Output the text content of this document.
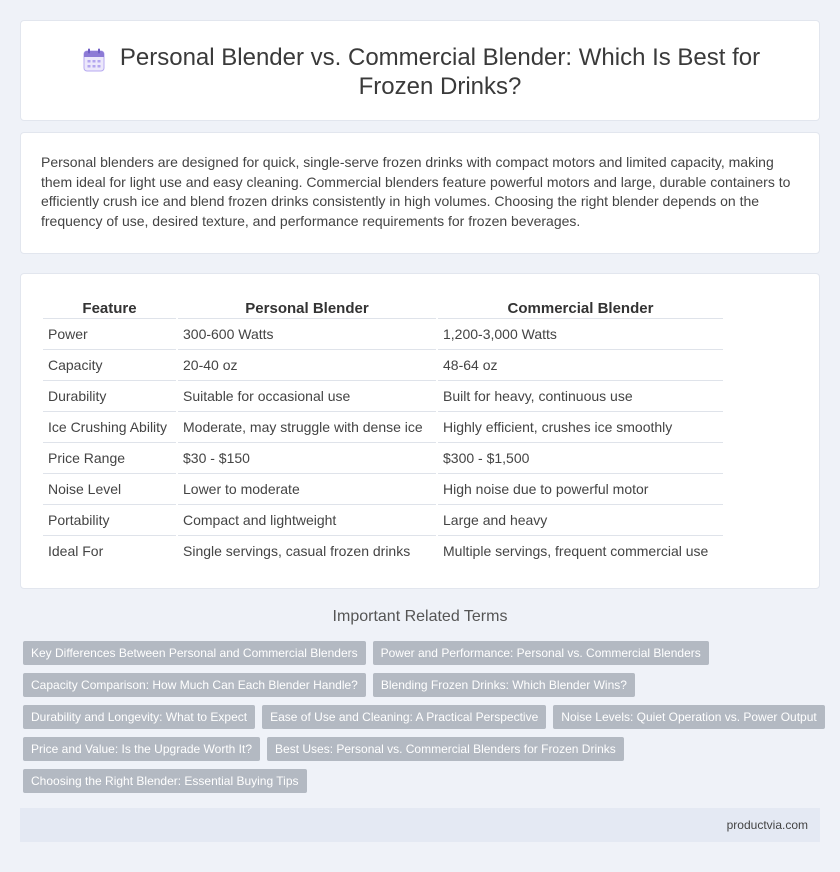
Personal Blender vs. Commercial Blender: Which Is Best for Frozen Drinks?

Personal blenders are designed for quick, single-serve frozen drinks with compact motors and limited capacity, making them ideal for light use and easy cleaning. Commercial blenders feature powerful motors and large, durable containers to efficiently crush ice and blend frozen drinks consistently in high volumes. Choosing the right blender depends on the frequency of use, desired texture, and performance requirements for frozen beverages.

Feature		Personal Blender		Commercial Blender
Power		300-600 Watts		1,200-3,000 Watts
Capacity		20-40 oz		48-64 oz
Durability		Suitable for occasional use		Built for heavy, continuous use
Ice Crushing Ability		Moderate, may struggle with dense ice		Highly efficient, crushes ice smoothly
Price Range		$30 - $150		$300 - $1,500
Noise Level		Lower to moderate		High noise due to powerful motor
Portability		Compact and lightweight		Large and heavy
Ideal For		Single servings, casual frozen drinks		Multiple servings, frequent commercial use
Important Related Terms
Key Differences Between Personal and Commercial Blenders	Power and Performance: Personal vs. Commercial Blenders
Capacity Comparison: How Much Can Each Blender Handle?	Blending Frozen Drinks: Which Blender Wins?
Durability and Longevity: What to Expect	Ease of Use and Cleaning: A Practical Perspective	Noise Levels: Quiet Operation vs. Power Output
Price and Value: Is the Upgrade Worth It?	Best Uses: Personal vs. Commercial Blenders for Frozen Drinks
Choosing the Right Blender: Essential Buying Tips
productvia.com
